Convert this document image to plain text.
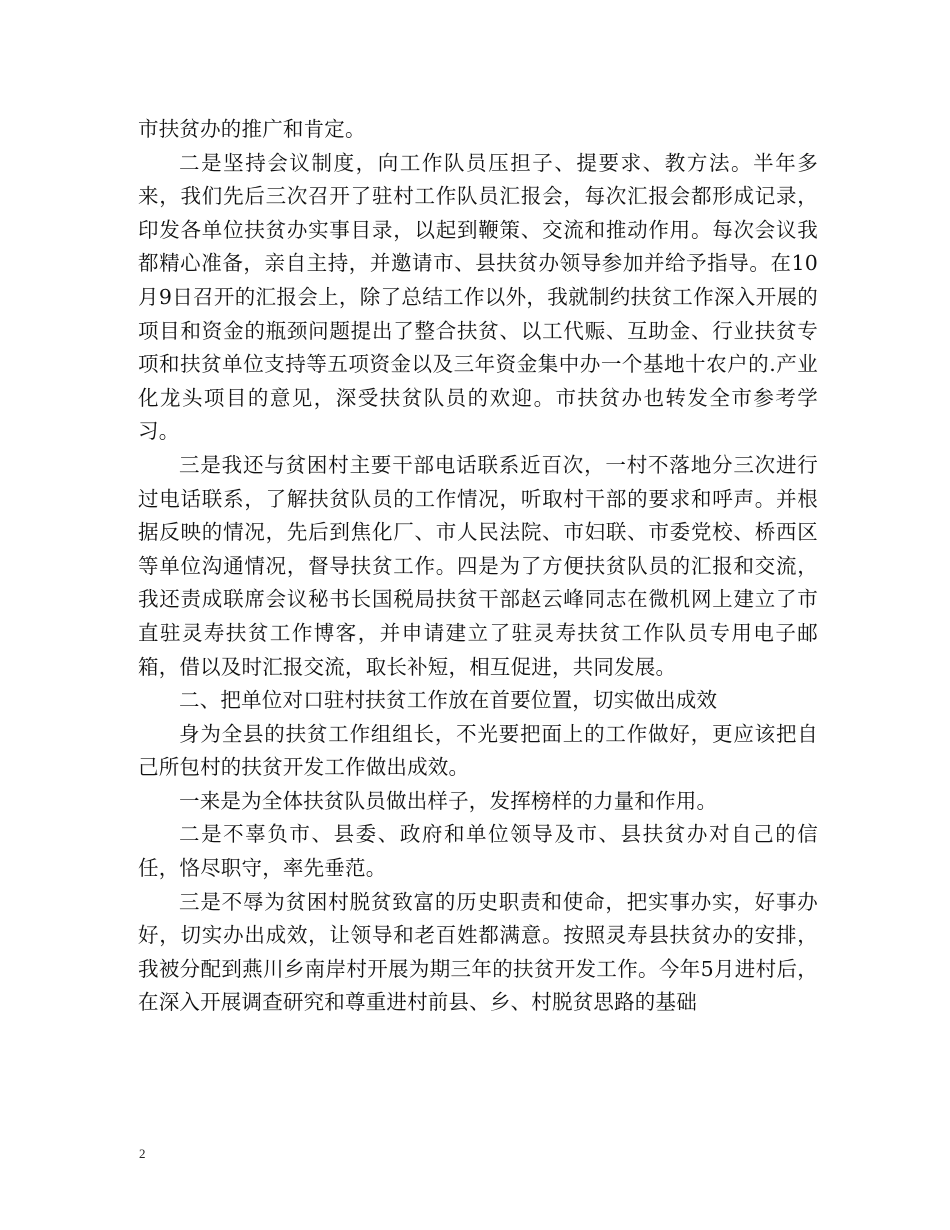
市扶贫办的推广和肯定。

二是坚持会议制度，向工作队员压担子、提要求、教方法。半年多来，我们先后三次召开了驻村工作队员汇报会，每次汇报会都形成记录，印发各单位扶贫办实事目录，以起到鞭策、交流和推动作用。每次会议我都精心准备，亲自主持，并邀请市、县扶贫办领导参加并给予指导。在10月9日召开的汇报会上，除了总结工作以外，我就制约扶贫工作深入开展的项目和资金的瓶颈问题提出了整合扶贫、以工代赈、互助金、行业扶贫专项和扶贫单位支持等五项资金以及三年资金集中办一个基地十农户的.产业化龙头项目的意见，深受扶贫队员的欢迎。市扶贫办也转发全市参考学习。

三是我还与贫困村主要干部电话联系近百次，一村不落地分三次进行过电话联系，了解扶贫队员的工作情况，听取村干部的要求和呼声。并根据反映的情况，先后到焦化厂、市人民法院、市妇联、市委党校、桥西区等单位沟通情况，督导扶贫工作。四是为了方便扶贫队员的汇报和交流，我还责成联席会议秘书长国税局扶贫干部赵云峰同志在微机网上建立了市直驻灵寿扶贫工作博客，并申请建立了驻灵寿扶贫工作队员专用电子邮箱，借以及时汇报交流，取长补短，相互促进，共同发展。

二、把单位对口驻村扶贫工作放在首要位置，切实做出成效

身为全县的扶贫工作组组长，不光要把面上的工作做好，更应该把自己所包村的扶贫开发工作做出成效。

一来是为全体扶贫队员做出样子，发挥榜样的力量和作用。

二是不辜负市、县委、政府和单位领导及市、县扶贫办对自己的信任，恪尽职守，率先垂范。

三是不辱为贫困村脱贫致富的历史职责和使命，把实事办实，好事办好，切实办出成效，让领导和老百姓都满意。按照灵寿县扶贫办的安排，我被分配到燕川乡南岸村开展为期三年的扶贫开发工作。今年5月进村后，在深入开展调查研究和尊重进村前县、乡、村脱贫思路的基础

2
